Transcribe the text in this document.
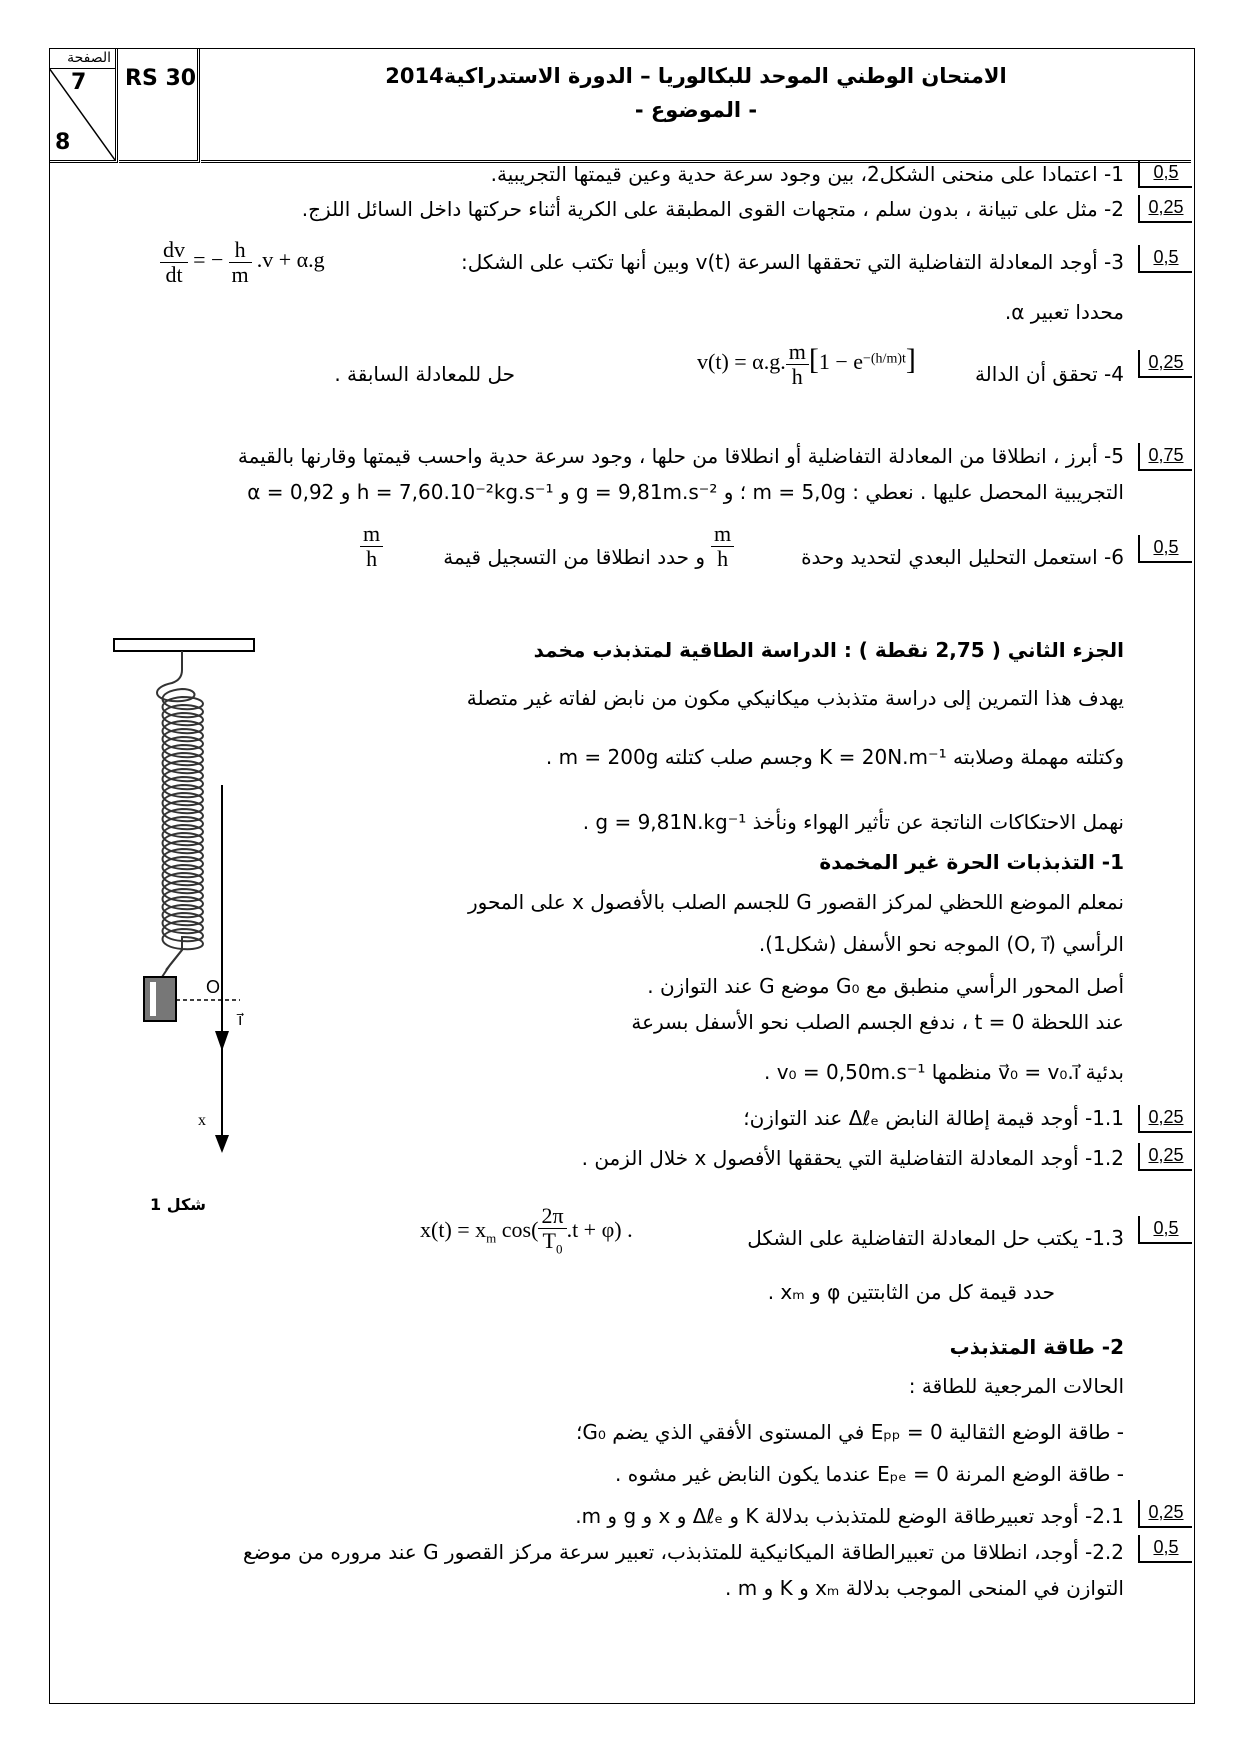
الصفحة
7
8
RS 30	الامتحان الوطني الموحد للبكالوريا – الدورة الاستدراكية2014
- الموضوع -
0,5
1- اعتمادا على منحنى الشكل2، بين وجود سرعة حدية وعين قيمتها التجريبية.
0,25
2- مثل على تبيانة ، بدون سلم ، متجهات القوى المطبقة على الكرية أثناء حركتها داخل السائل اللزج.
0,5
3- أوجد المعادلة التفاضلية التي تحققها السرعة v(t) وبين أنها تكتب على الشكل:
$\frac{dv}{dt}$ = − $\frac{h}{m} .v + \alpha.g$
محددا تعبير α.
0,25
4- تحقق أن الدالة
v(t) = α.g. $\frac{m}{h} [1 - e^{-(h/m)t}]$
حل للمعادلة السابقة .
0,75
5- أبرز ، انطلاقا من المعادلة التفاضلية أو انطلاقا من حلها ، وجود سرعة حدية واحسب قيمتها وقارنها بالقيمة
التجريبية المحصل عليها . نعطي : m = 5,0g ؛ و g = 9,81m.s⁻² و h = 7,60.10⁻²kg.s⁻¹ و α = 0,92
0,5
6- استعمل التحليل البعدي لتحديد وحدة
$\frac{m}{h}$
و حدد انطلاقا من التسجيل قيمة
$\frac{m}{h}$
الجزء الثاني ( 2,75 نقطة ) : الدراسة الطاقية لمتذبذب مخمد
يهدف هذا التمرين إلى دراسة متذبذب ميكانيكي مكون من نابض لفاته غير متصلة
وكتلته مهملة وصلابته K = 20N.m⁻¹ وجسم صلب كتلته m = 200g .
نهمل الاحتكاكات الناتجة عن تأثير الهواء ونأخذ g = 9,81N.kg⁻¹ .
1- التذبذبات الحرة غير المخمدة
نمعلم الموضع اللحظي لمركز القصور G للجسم الصلب بالأفصول x على المحور
الرأسي (O, i⃗) الموجه نحو الأسفل (شكل1).
أصل المحور الرأسي منطبق مع G₀ موضع G عند التوازن .
عند اللحظة t = 0 ، ندفع الجسم الصلب نحو الأسفل بسرعة
بدئية v⃗₀ = v₀.i⃗ منظمها v₀ = 0,50m.s⁻¹ .
0,25
1.1- أوجد قيمة إطالة النابض Δℓₑ عند التوازن؛
0,25
1.2- أوجد المعادلة التفاضلية التي يحققها الأفصول x خلال الزمن .
0,5
1.3- يكتب حل المعادلة التفاضلية على الشكل
$x(t) = x_m$ $\cos( \frac{2\pi}{T_0} .t + \varphi)$ .
حدد قيمة كل من الثابتتين φ و xₘ .
2- طاقة المتذبذب
الحالات المرجعية للطاقة :
- طاقة الوضع الثقالية Eₚₚ = 0 في المستوى الأفقي الذي يضم G₀؛
- طاقة الوضع المرنة Eₚₑ = 0 عندما يكون النابض غير مشوه .
0,25
2.1- أوجد تعبيرطاقة الوضع للمتذبذب بدلالة K و Δℓₑ و x و g و m.
0,5
2.2- أوجد، انطلاقا من تعبيرالطاقة الميكانيكية للمتذبذب، تعبير سرعة مركز القصور G عند مروره من موضع
التوازن في المنحى الموجب بدلالة xₘ و K و m .
O
i⃗
x
شكل 1
